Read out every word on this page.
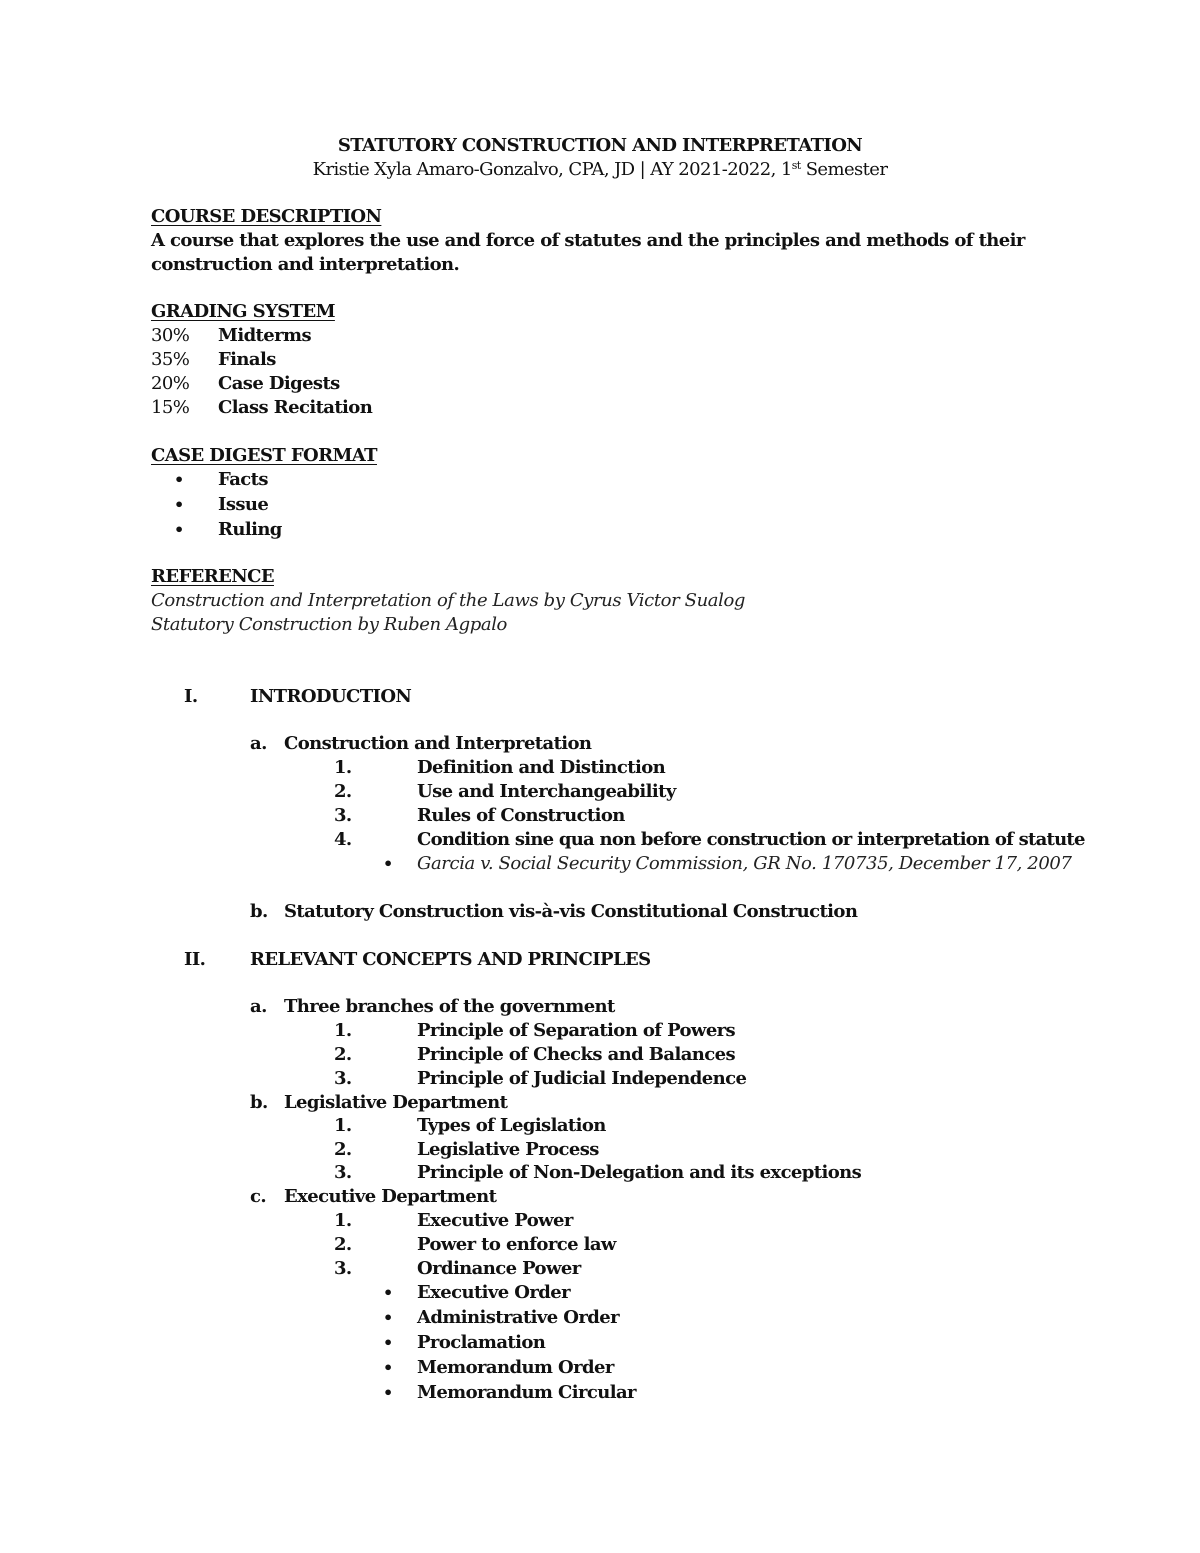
STATUTORY CONSTRUCTION AND INTERPRETATION
Kristie Xyla Amaro-Gonzalvo, CPA, JD | AY 2021-2022, 1st Semester
COURSE DESCRIPTION
A course that explores the use and force of statutes and the principles and methods of their
construction and interpretation.
GRADING SYSTEM
30% Midterms
35% Finals
20% Case Digests
15% Class Recitation
CASE DIGEST FORMAT
• Facts
• Issue
• Ruling
REFERENCE
Construction and Interpretation of the Laws by Cyrus Victor Sualog
Statutory Construction by Ruben Agpalo
I.	INTRODUCTION
a. Construction and Interpretation
1.	Definition and Distinction
2.	Use and Interchangeability
3.	Rules of Construction
4.	Condition sine qua non before construction or interpretation of statute
• Garcia v. Social Security Commission, GR No. 170735, December 17, 2007
b. Statutory Construction vis-à-vis Constitutional Construction
II. RELEVANT CONCEPTS AND PRINCIPLES
a. Three branches of the government
1.	Principle of Separation of Powers
2.	Principle of Checks and Balances
3.	Principle of Judicial Independence
b. Legislative Department
1.	Types of Legislation
2.	Legislative Process
3.	Principle of Non-Delegation and its exceptions
c. Executive Department
1.	Executive Power
2.	Power to enforce law
3.	Ordinance Power
• Executive Order
• Administrative Order
• Proclamation
• Memorandum Order
• Memorandum Circular
